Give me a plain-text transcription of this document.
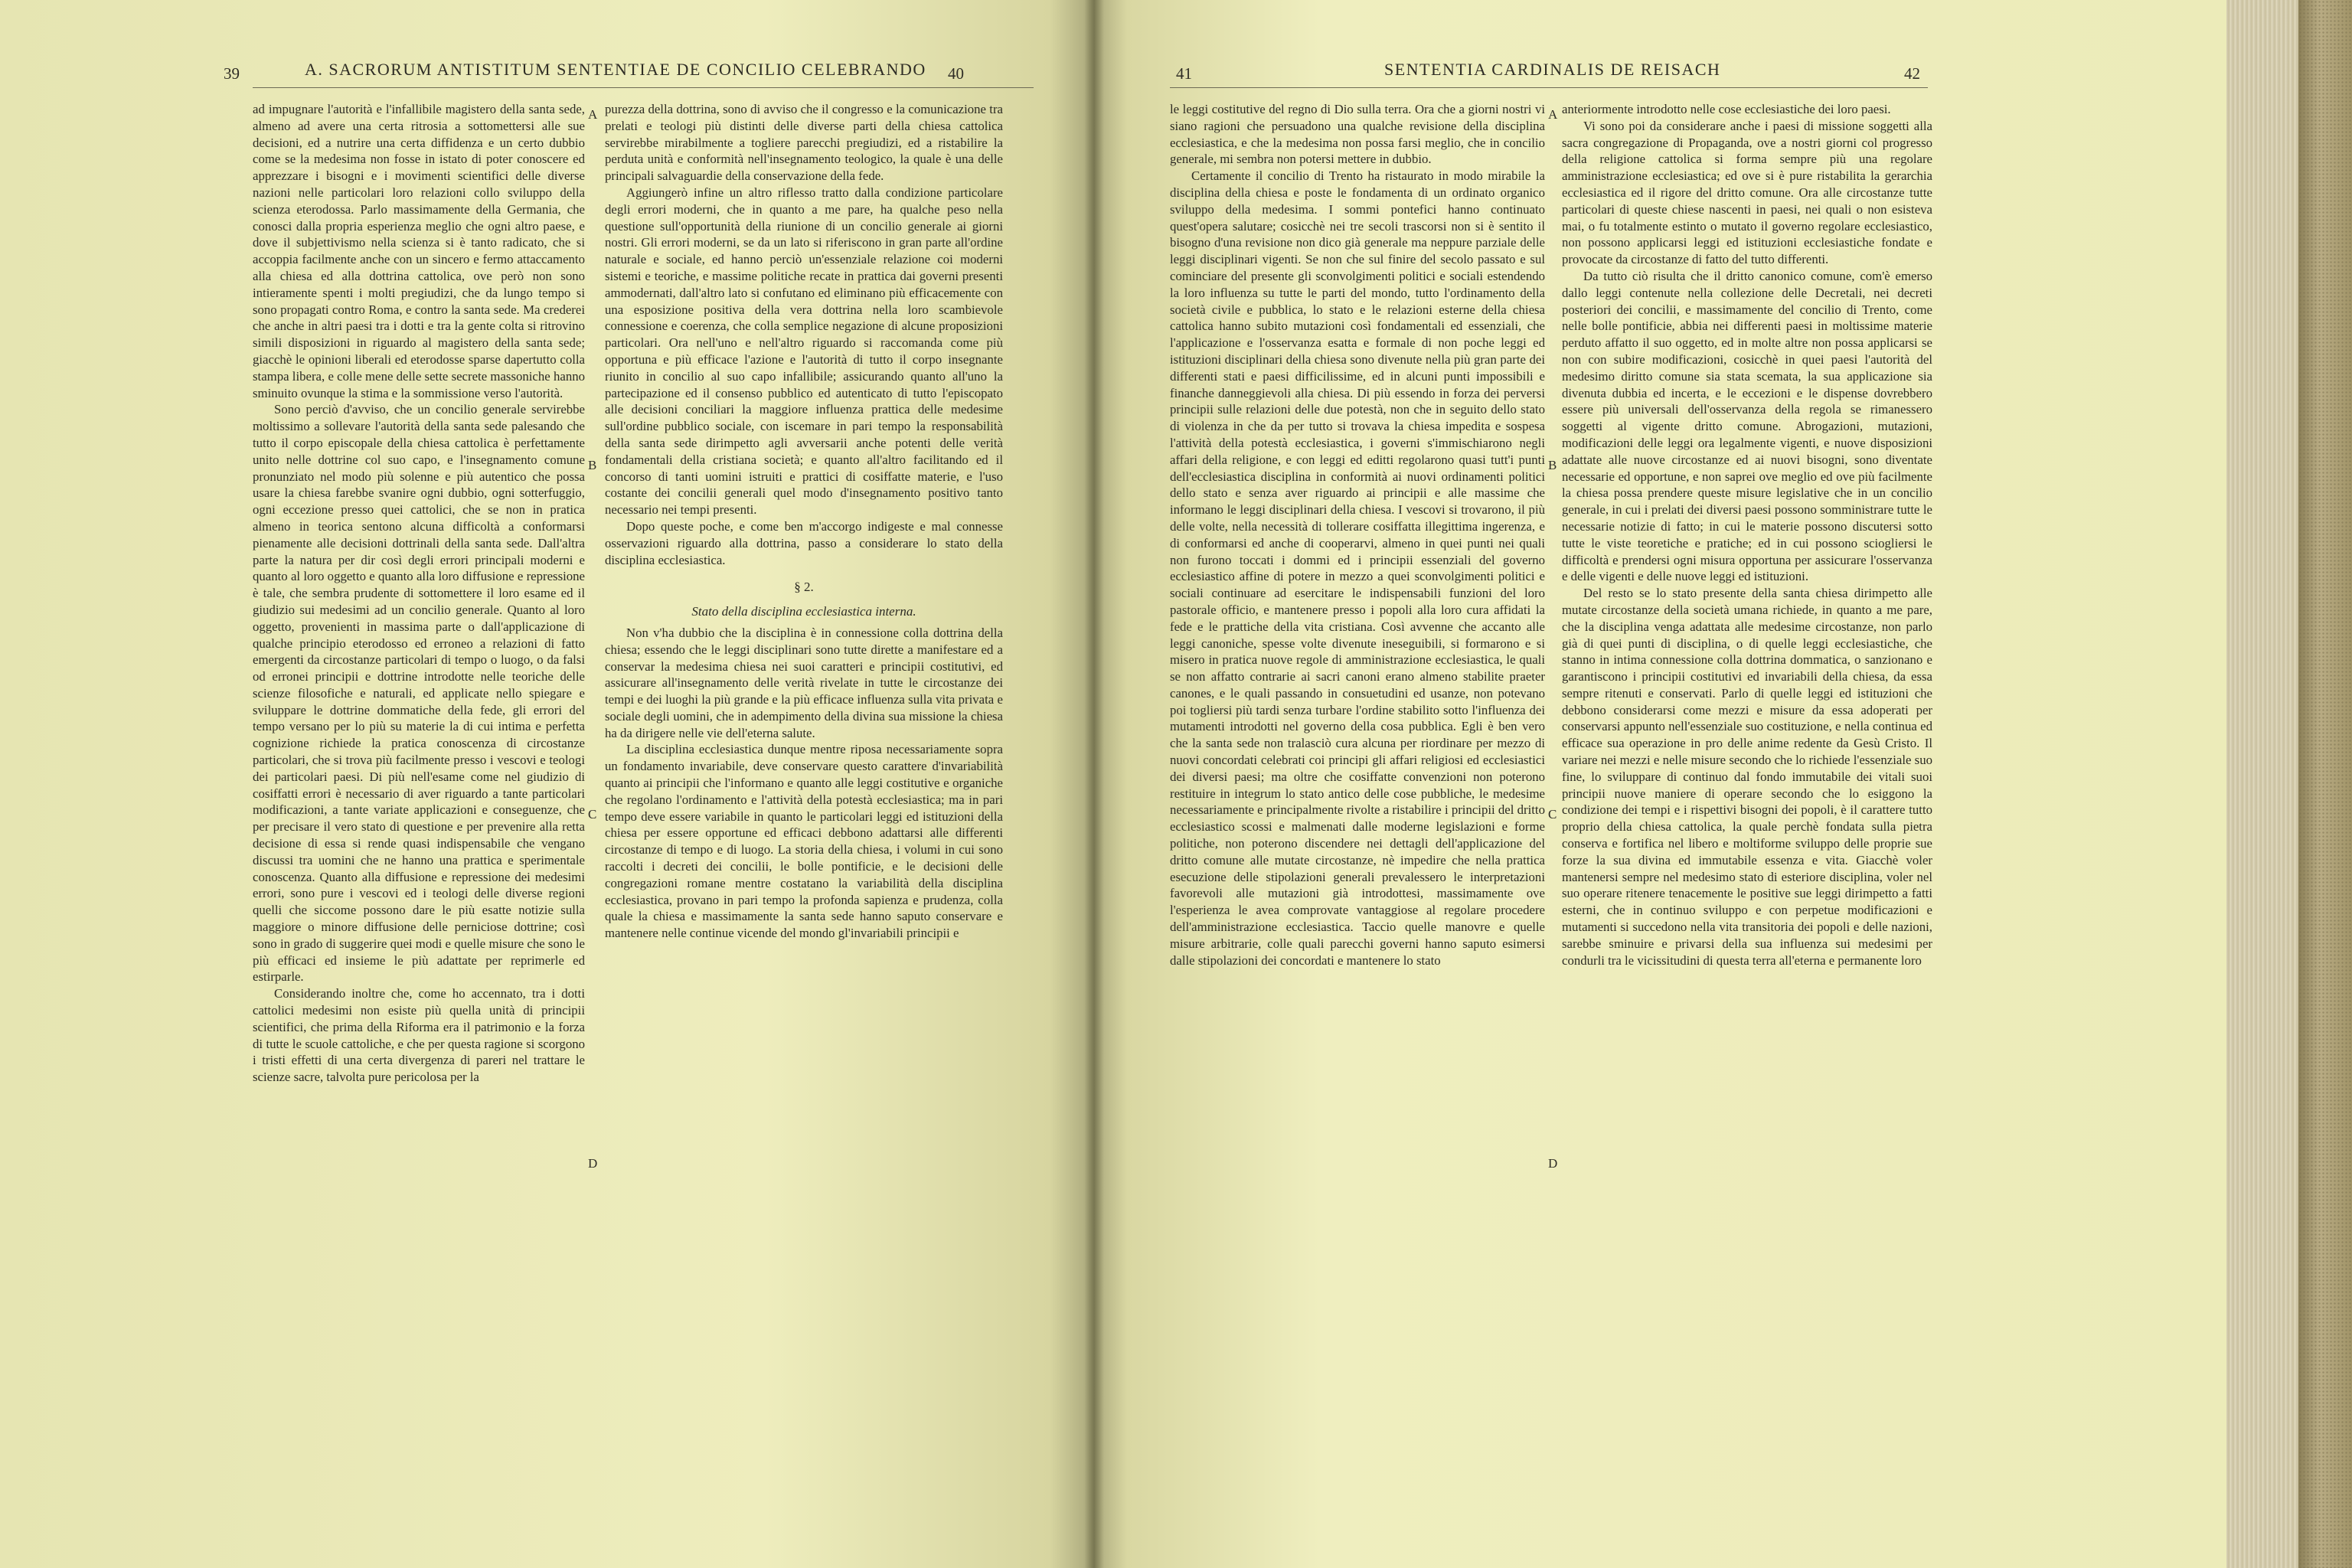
39	A. SACRORUM ANTISTITUM SENTENTIAE DE CONCILIO CELEBRANDO 40

ad impugnare l'autorità e l'infallibile magistero della santa sede, almeno ad avere una certa ritrosia a sottomettersi alle sue decisioni, ed a nutrire una certa diffidenza e un certo dubbio come se la medesima non fosse in istato di poter conoscere ed apprezzare i bisogni e i movimenti scientifici delle diverse nazioni nelle particolari loro relazioni collo sviluppo della scienza eterodossa. Parlo massimamente della Germania, che conosci dalla propria esperienza meglio che ogni altro paese, e dove il subjettivismo nella scienza si è tanto radicato, che si accoppia facilmente anche con un sincero e fermo attaccamento alla chiesa ed alla dottrina cattolica, ove però non sono intieramente spenti i molti pregiudizi, che da lungo tempo si sono propagati contro Roma, e contro la santa sede. Ma crederei che anche in altri paesi tra i dotti e tra la gente colta si ritrovino simili disposizioni in riguardo al magistero della santa sede; giacchè le opinioni liberali ed eterodosse sparse dapertutto colla stampa libera, e colle mene delle sette secrete massoniche hanno sminuito ovunque la stima e la sommissione verso l'autorità.

Sono perciò d'avviso, che un concilio generale servirebbe moltissimo a sollevare l'autorità della santa sede palesando che tutto il corpo episcopale della chiesa cattolica è perfettamente unito nelle dottrine col suo capo, e l'insegnamento comune pronunziato nel modo più solenne e più autentico che possa usare la chiesa farebbe svanire ogni dubbio, ogni sotterfuggio, ogni eccezione presso quei cattolici, che se non in pratica almeno in teorica sentono alcuna difficoltà a conformarsi pienamente alle decisioni dottrinali della santa sede. Dall'altra parte la natura per dir così degli errori principali moderni e quanto al loro oggetto e quanto alla loro diffusione e repressione è tale, che sembra prudente di sottomettere il loro esame ed il giudizio sui medesimi ad un concilio generale. Quanto al loro oggetto, provenienti in massima parte o dall'applicazione di qualche principio eterodosso ed erroneo a relazioni di fatto emergenti da circostanze particolari di tempo o luogo, o da falsi od erronei principii e dottrine introdotte nelle teoriche delle scienze filosofiche e naturali, ed applicate nello spiegare e sviluppare le dottrine dommatiche della fede, gli errori del tempo versano per lo più su materie la di cui intima e perfetta cognizione richiede la pratica conoscenza di circostanze particolari, che si trova più facilmente presso i vescovi e teologi dei particolari paesi. Di più nell'esame come nel giudizio di cosiffatti errori è necessario di aver riguardo a tante particolari modificazioni, a tante variate applicazioni e conseguenze, che per precisare il vero stato di questione e per prevenire alla retta decisione di essa si rende quasi indispensabile che vengano discussi tra uomini che ne hanno una prattica e sperimentale conoscenza. Quanto alla diffusione e repressione dei medesimi errori, sono pure i vescovi ed i teologi delle diverse regioni quelli che siccome possono dare le più esatte notizie sulla maggiore o minore diffusione delle perniciose dottrine; così sono in grado di suggerire quei modi e quelle misure che sono le più efficaci ed insieme le più adattate per reprimerle ed estirparle.

Considerando inoltre che, come ho accennato, tra i dotti cattolici medesimi non esiste più quella unità di principii scientifici, che prima della Riforma era il patrimonio e la forza di tutte le scuole cattoliche, e che per questa ragione si scorgono i tristi effetti di una certa divergenza di pareri nel trattare le scienze sacre, talvolta pure pericolosa per la

A
B
C
D

purezza della dottrina, sono di avviso che il congresso e la comunicazione tra prelati e teologi più distinti delle diverse parti della chiesa cattolica servirebbe mirabilmente a togliere parecchi pregiudizi, ed a ristabilire la perduta unità e conformità nell'insegnamento teologico, la quale è una delle principali salvaguardie della conservazione della fede.

Aggiungerò infine un altro riflesso tratto dalla condizione particolare degli errori moderni, che in quanto a me pare, ha qualche peso nella questione sull'opportunità della riunione di un concilio generale ai giorni nostri. Gli errori moderni, se da un lato si riferiscono in gran parte all'ordine naturale e sociale, ed hanno perciò un'essenziale relazione coi moderni sistemi e teoriche, e massime politiche recate in prattica dai governi presenti ammodernati, dall'altro lato si confutano ed eliminano più efficacemente con una esposizione positiva della vera dottrina nella loro scambievole connessione e coerenza, che colla semplice negazione di alcune proposizioni particolari. Ora nell'uno e nell'altro riguardo si raccomanda come più opportuna e più efficace l'azione e l'autorità di tutto il corpo insegnante riunito in concilio al suo capo infallibile; assicurando quanto all'uno la partecipazione ed il consenso pubblico ed autenticato di tutto l'episcopato alle decisioni conciliari la maggiore influenza prattica delle medesime sull'ordine pubblico sociale, con iscemare in pari tempo la responsabilità della santa sede dirimpetto agli avversarii anche potenti delle verità fondamentali della cristiana società; e quanto all'altro facilitando ed il concorso di tanti uomini istruiti e prattici di cosiffatte materie, e l'uso costante dei concilii generali quel modo d'insegnamento positivo tanto necessario nei tempi presenti.

Dopo queste poche, e come ben m'accorgo indigeste e mal connesse osservazioni riguardo alla dottrina, passo a considerare lo stato della disciplina ecclesiastica.

§ 2.
Stato della disciplina ecclesiastica interna.

Non v'ha dubbio che la disciplina è in connessione colla dottrina della chiesa; essendo che le leggi disciplinari sono tutte dirette a manifestare ed a conservar la medesima chiesa nei suoi caratteri e principii costitutivi, ed assicurare all'insegnamento delle verità rivelate in tutte le circostanze dei tempi e dei luoghi la più grande e la più efficace influenza sulla vita privata e sociale degli uomini, che in adempimento della divina sua missione la chiesa ha da dirigere nelle vie dell'eterna salute.

La disciplina ecclesiastica dunque mentre riposa necessariamente sopra un fondamento invariabile, deve conservare questo carattere d'invariabilità quanto ai principii che l'informano e quanto alle leggi costitutive e organiche che regolano l'ordinamento e l'attività della potestà ecclesiastica; ma in pari tempo deve essere variabile in quanto le particolari leggi ed istituzioni della chiesa per essere opportune ed efficaci debbono adattarsi alle differenti circostanze di tempo e di luogo. La storia della chiesa, i volumi in cui sono raccolti i decreti dei concilii, le bolle pontificie, e le decisioni delle congregazioni romane mentre costatano la variabilità della disciplina ecclesiastica, provano in pari tempo la profonda sapienza e prudenza, colla quale la chiesa e massimamente la santa sede hanno saputo conservare e mantenere nelle continue vicende del mondo gl'invariabili principii e

41	SENTENTIA CARDINALIS DE REISACH	42

le leggi costitutive del regno di Dio sulla terra. Ora che a giorni nostri vi siano ragioni che persuadono una qualche revisione della disciplina ecclesiastica, e che la medesima non possa farsi meglio, che in concilio generale, mi sembra non potersi mettere in dubbio.

Certamente il concilio di Trento ha ristaurato in modo mirabile la disciplina della chiesa e poste le fondamenta di un ordinato organico sviluppo della medesima. I sommi pontefici hanno continuato quest'opera salutare; cosicchè nei tre secoli trascorsi non si è sentito il bisogno d'una revisione non dico già generale ma neppure parziale delle leggi disciplinari vigenti. Se non che sul finire del secolo passato e sul cominciare del presente gli sconvolgimenti politici e sociali estendendo la loro influenza su tutte le parti del mondo, tutto l'ordinamento della società civile e pubblica, lo stato e le relazioni esterne della chiesa cattolica hanno subito mutazioni così fondamentali ed essenziali, che l'applicazione e l'osservanza esatta e formale di non poche leggi ed istituzioni disciplinari della chiesa sono divenute nella più gran parte dei differenti stati e paesi difficilissime, ed in alcuni punti impossibili e finanche danneggievoli alla chiesa. Di più essendo in forza dei perversi principii sulle relazioni delle due potestà, non che in seguito dello stato di violenza in che da per tutto si trovava la chiesa impedita e sospesa l'attività della potestà ecclesiastica, i governi s'immischiarono negli affari della religione, e con leggi ed editti regolarono quasi tutt'i punti dell'ecclesiastica disciplina in conformità ai nuovi ordinamenti politici dello stato e senza aver riguardo ai principii e alle massime che informano le leggi disciplinari della chiesa. I vescovi si trovarono, il più delle volte, nella necessità di tollerare cosiffatta illegittima ingerenza, e di conformarsi ed anche di cooperarvi, almeno in quei punti nei quali non furono toccati i dommi ed i principii essenziali del governo ecclesiastico affine di potere in mezzo a quei sconvolgimenti politici e sociali continuare ad esercitare le indispensabili funzioni del loro pastorale officio, e mantenere presso i popoli alla loro cura affidati la fede e le prattiche della vita cristiana. Così avvenne che accanto alle leggi canoniche, spesse volte divenute ineseguibili, si formarono e si misero in pratica nuove regole di amministrazione ecclesiastica, le quali se non affatto contrarie ai sacri canoni erano almeno stabilite praeter canones, e le quali passando in consuetudini ed usanze, non potevano poi togliersi più tardi senza turbare l'ordine stabilito sotto l'influenza dei mutamenti introdotti nel governo della cosa pubblica. Egli è ben vero che la santa sede non tralasciò cura alcuna per riordinare per mezzo di nuovi concordati celebrati coi principi gli affari religiosi ed ecclesiastici dei diversi paesi; ma oltre che cosiffatte convenzioni non poterono restituire in integrum lo stato antico delle cose pubbliche, le medesime necessariamente e principalmente rivolte a ristabilire i principii del dritto ecclesiastico scossi e malmenati dalle moderne legislazioni e forme politiche, non poterono discendere nei dettagli dell'applicazione del dritto comune alle mutate circostanze, nè impedire che nella prattica esecuzione delle stipolazioni generali prevalessero le interpretazioni favorevoli alle mutazioni già introdottesi, massimamente ove l'esperienza le avea comprovate vantaggiose al regolare procedere dell'amministrazione ecclesiastica. Taccio quelle manovre e quelle misure arbitrarie, colle quali parecchi governi hanno saputo esimersi dalle stipolazioni dei concordati e mantenere lo stato

A
B
C
D

anteriormente introdotto nelle cose ecclesiastiche dei loro paesi.

Vi sono poi da considerare anche i paesi di missione soggetti alla sacra congregazione di Propaganda, ove a nostri giorni col progresso della religione cattolica si forma sempre più una regolare amministrazione ecclesiastica; ed ove si è pure ristabilita la gerarchia ecclesiastica ed il rigore del dritto comune. Ora alle circostanze tutte particolari di queste chiese nascenti in paesi, nei quali o non esisteva mai, o fu totalmente estinto o mutato il governo regolare ecclesiastico, non possono applicarsi leggi ed istituzioni ecclesiastiche fondate e provocate da circostanze di fatto del tutto differenti.

Da tutto ciò risulta che il dritto canonico comune, com'è emerso dallo leggi contenute nella collezione delle Decretali, nei decreti posteriori dei concilii, e massimamente del concilio di Trento, come nelle bolle pontificie, abbia nei differenti paesi in moltissime materie perduto affatto il suo oggetto, ed in molte altre non possa applicarsi se non con subire modificazioni, cosicchè in quei paesi l'autorità del medesimo diritto comune sia stata scemata, la sua applicazione sia divenuta dubbia ed incerta, e le eccezioni e le dispense dovrebbero essere più universali dell'osservanza della regola se rimanessero soggetti al vigente dritto comune. Abrogazioni, mutazioni, modificazioni delle leggi ora legalmente vigenti, e nuove disposizioni adattate alle nuove circostanze ed ai nuovi bisogni, sono diventate necessarie ed opportune, e non saprei ove meglio ed ove più facilmente la chiesa possa prendere queste misure legislative che in un concilio generale, in cui i prelati dei diversi paesi possono somministrare tutte le necessarie notizie di fatto; in cui le materie possono discutersi sotto tutte le viste teoretiche e pratiche; ed in cui possono sciogliersi le difficoltà e prendersi ogni misura opportuna per assicurare l'osservanza e delle vigenti e delle nuove leggi ed istituzioni.

Del resto se lo stato presente della santa chiesa dirimpetto alle mutate circostanze della società umana richiede, in quanto a me pare, che la disciplina venga adattata alle medesime circostanze, non parlo già di quei punti di disciplina, o di quelle leggi ecclesiastiche, che stanno in intima connessione colla dottrina dommatica, o sanzionano e garantiscono i principii costitutivi ed invariabili della chiesa, da essa sempre ritenuti e conservati. Parlo di quelle leggi ed istituzioni che debbono considerarsi come mezzi e misure da essa adoperati per conservarsi appunto nell'essenziale suo costituzione, e nella continua ed efficace sua operazione in pro delle anime redente da Gesù Cristo. Il variare nei mezzi e nelle misure secondo che lo richiede l'essenziale suo fine, lo sviluppare di continuo dal fondo immutabile dei vitali suoi principii nuove maniere di operare secondo che lo esiggono la condizione dei tempi e i rispettivi bisogni dei popoli, è il carattere tutto proprio della chiesa cattolica, la quale perchè fondata sulla pietra conserva e fortifica nel libero e moltiforme sviluppo delle proprie sue forze la sua divina ed immutabile essenza e vita. Giacchè voler mantenersi sempre nel medesimo stato di esteriore disciplina, voler nel suo operare ritenere tenacemente le positive sue leggi dirimpetto a fatti esterni, che in continuo sviluppo e con perpetue modificazioni e mutamenti si succedono nella vita transitoria dei popoli e delle nazioni, sarebbe sminuire e privarsi della sua influenza sui medesimi per condurli tra le vicissitudini di questa terra all'eterna e permanente loro
